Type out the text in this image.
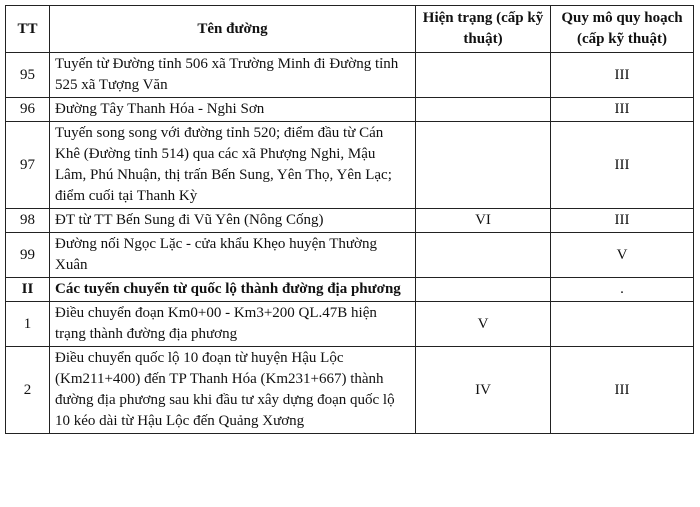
TT	Tên đường	Hiện trạng (cấp kỹ thuật)	Quy mô quy hoạch (cấp kỹ thuật)
95	Tuyến từ Đường tỉnh 506 xã Trường Minh đi Đường tỉnh 525 xã Tượng Văn		III
96	Đường Tây Thanh Hóa - Nghi Sơn		III
97	Tuyến song song với đường tỉnh 520; điểm đầu từ Cán Khê (Đường tỉnh 514) qua các xã Phượng Nghi, Mậu Lâm, Phú Nhuận, thị trấn Bến Sung, Yên Thọ, Yên Lạc; điểm cuối tại Thanh Kỳ		III
98	ĐT từ TT Bến Sung đi Vũ Yên (Nông Cống)	VI	III
99	Đường nối Ngọc Lặc - cửa khẩu Khẹo huyện Thường Xuân		V
II	Các tuyến chuyển từ quốc lộ thành đường địa phương		.
1	Điều chuyển đoạn Km0+00 - Km3+200 QL.47B hiện trạng thành đường địa phương	V	
2	Điều chuyển quốc lộ 10 đoạn từ huyện Hậu Lộc (Km211+400) đến TP Thanh Hóa (Km231+667) thành đường địa phương sau khi đầu tư xây dựng đoạn quốc lộ 10 kéo dài từ Hậu Lộc đến Quảng Xương	IV	III
